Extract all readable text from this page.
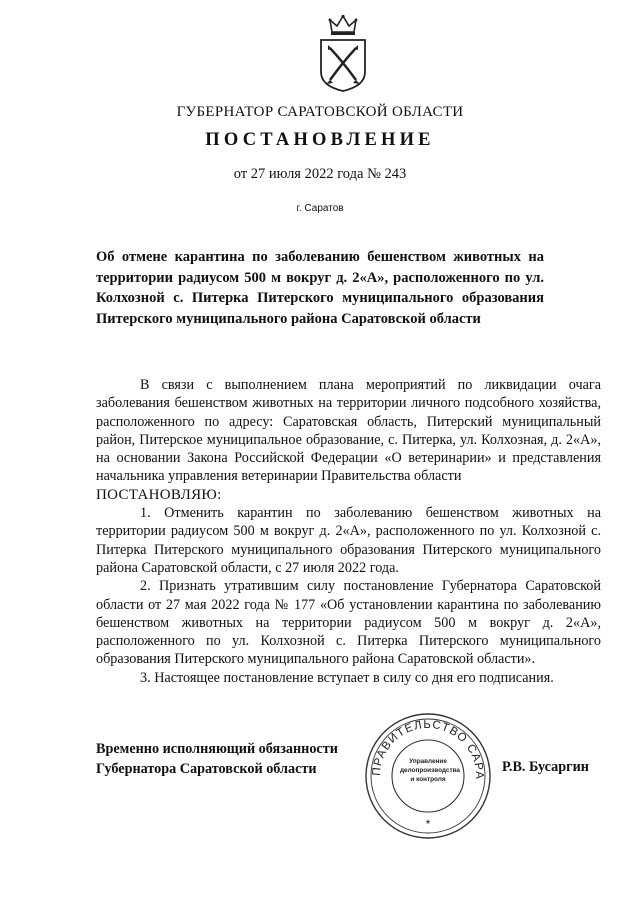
ГУБЕРНАТОР САРАТОВСКОЙ ОБЛАСТИ
ПОСТАНОВЛЕНИЕ
от 27 июля 2022 года № 243
г. Саратов
Об отмене карантина по заболеванию бешенством животных на территории радиусом 500 м вокруг д. 2«А», расположенного по ул. Колхозной с. Питерка Питерского муниципального образования Питерского муниципального района Саратовской области

В связи с выполнением плана мероприятий по ликвидации очага заболевания бешенством животных на территории личного подсобного хозяйства, расположенного по адресу: Саратовская область, Питерский муниципальный район, Питерское муниципальное образование, с. Питерка, ул. Колхозная, д. 2«А», на основании Закона Российской Федерации «О ветеринарии» и представления начальника управления ветеринарии Правительства области

ПОСТАНОВЛЯЮ:

1. Отменить карантин по заболеванию бешенством животных на территории радиусом 500 м вокруг д. 2«А», расположенного по ул. Колхозной с. Питерка Питерского муниципального образования Питерского муниципального района Саратовской области, с 27 июля 2022 года.

2. Признать утратившим силу постановление Губернатора Саратовской области от 27 мая 2022 года № 177 «Об установлении карантина по заболеванию бешенством животных на территории радиусом 500 м вокруг д. 2«А», расположенного по ул. Колхозной с. Питерка Питерского муниципального образования Питерского муниципального района Саратовской области».

3. Настоящее постановление вступает в силу со дня его подписания.

Временно исполняющий обязанности
Губернатора Саратовской области	ПРАВИТЕЛЬСТВО САРА
*
Управление
делопроизводства
и контроля
Р.В. Бусаргин
